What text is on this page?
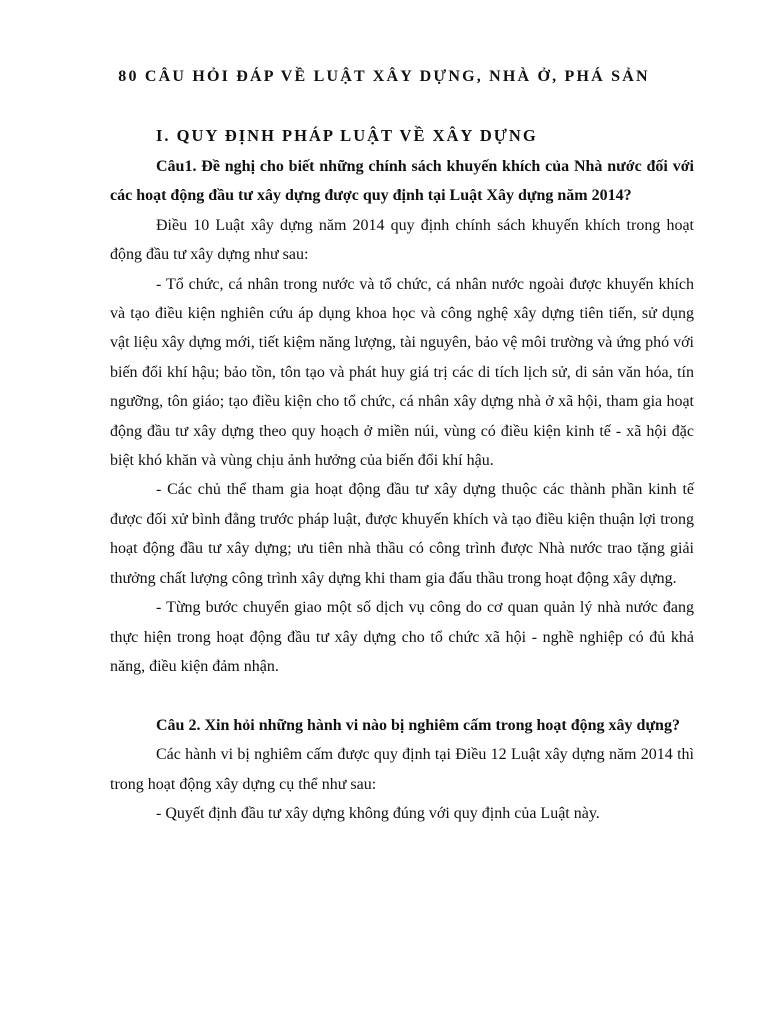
80 CÂU HỎI ĐÁP VỀ LUẬT XÂY DỰNG, NHÀ Ở, PHÁ SẢN
I. QUY ĐỊNH PHÁP LUẬT VỀ XÂY DỰNG

Câu1. Đề nghị cho biết những chính sách khuyến khích của Nhà nước đối với các hoạt động đầu tư xây dựng được quy định tại Luật Xây dựng năm 2014?

Điều 10 Luật xây dựng năm 2014 quy định chính sách khuyến khích trong hoạt động đầu tư xây dựng như sau:

- Tổ chức, cá nhân trong nước và tổ chức, cá nhân nước ngoài được khuyến khích và tạo điều kiện nghiên cứu áp dụng khoa học và công nghệ xây dựng tiên tiến, sử dụng vật liệu xây dựng mới, tiết kiệm năng lượng, tài nguyên, bảo vệ môi trường và ứng phó với biến đổi khí hậu; bảo tồn, tôn tạo và phát huy giá trị các di tích lịch sử, di sản văn hóa, tín ngưỡng, tôn giáo; tạo điều kiện cho tổ chức, cá nhân xây dựng nhà ở xã hội, tham gia hoạt động đầu tư xây dựng theo quy hoạch ở miền núi, vùng có điều kiện kinh tế - xã hội đặc biệt khó khăn và vùng chịu ảnh hưởng của biến đổi khí hậu.

- Các chủ thể tham gia hoạt động đầu tư xây dựng thuộc các thành phần kinh tế được đối xử bình đẳng trước pháp luật, được khuyến khích và tạo điều kiện thuận lợi trong hoạt động đầu tư xây dựng; ưu tiên nhà thầu có công trình được Nhà nước trao tặng giải thưởng chất lượng công trình xây dựng khi tham gia đấu thầu trong hoạt động xây dựng.

- Từng bước chuyển giao một số dịch vụ công do cơ quan quản lý nhà nước đang thực hiện trong hoạt động đầu tư xây dựng cho tổ chức xã hội - nghề nghiệp có đủ khả năng, điều kiện đảm nhận.

Câu 2. Xin hỏi những hành vi nào bị nghiêm cấm trong hoạt động xây dựng?

Các hành vi bị nghiêm cấm được quy định tại Điều 12 Luật xây dựng năm 2014 thì trong hoạt động xây dựng cụ thể như sau:

- Quyết định đầu tư xây dựng không đúng với quy định của Luật này.
